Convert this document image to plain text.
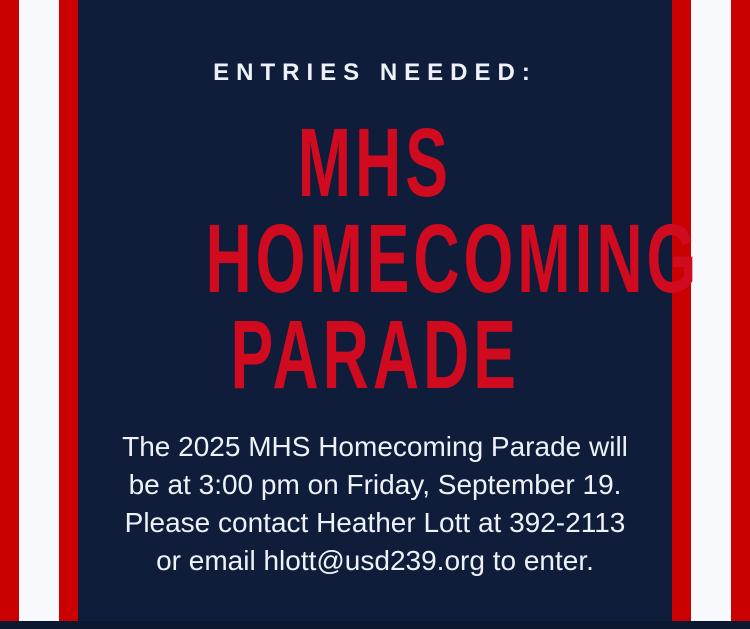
ENTRIES NEEDED:
MHS
HOMECOMING
PARADE

The 2025 MHS Homecoming Parade will
be at 3:00 pm on Friday, September 19.
Please contact Heather Lott at 392-2113
or email hlott@usd239.org to enter.
